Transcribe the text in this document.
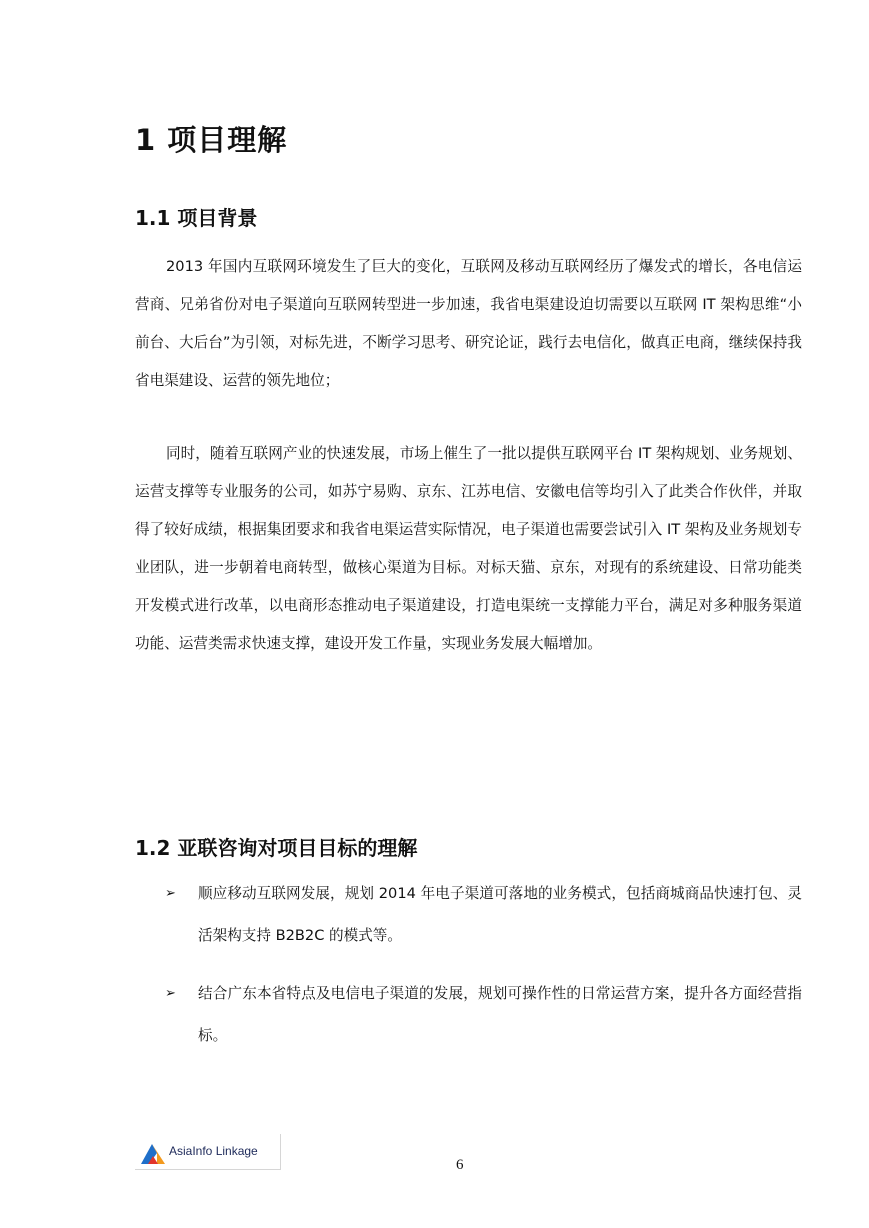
1 项目理解
1.1 项目背景

2013 年国内互联网环境发生了巨大的变化，互联网及移动互联网经历了爆发式的增长，各电信运营商、兄弟省份对电子渠道向互联网转型进一步加速，我省电渠建设迫切需要以互联网 IT 架构思维“小前台、大后台”为引领，对标先进，不断学习思考、研究论证，践行去电信化，做真正电商，继续保持我省电渠建设、运营的领先地位；

同时，随着互联网产业的快速发展，市场上催生了一批以提供互联网平台 IT 架构规划、业务规划、运营支撑等专业服务的公司，如苏宁易购、京东、江苏电信、安徽电信等均引入了此类合作伙伴，并取得了较好成绩，根据集团要求和我省电渠运营实际情况，电子渠道也需要尝试引入 IT 架构及业务规划专业团队，进一步朝着电商转型，做核心渠道为目标。对标天猫、京东，对现有的系统建设、日常功能类开发模式进行改革，以电商形态推动电子渠道建设，打造电渠统一支撑能力平台，满足对多种服务渠道功能、运营类需求快速支撑，建设开发工作量，实现业务发展大幅增加。

1.2 亚联咨询对项目目标的理解
➢ 顺应移动互联网发展，规划 2014 年电子渠道可落地的业务模式，包括商城商品快速打包、灵活架构支持 B2B2C 的模式等。
➢ 结合广东本省特点及电信电子渠道的发展，规划可操作性的日常运营方案，提升各方面经营指标。
AsiaInfo Linkage
6
